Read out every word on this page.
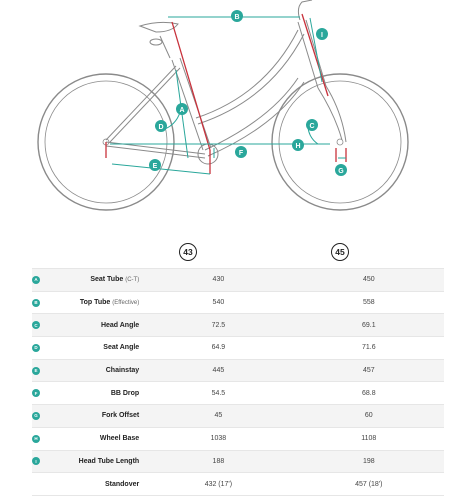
B
I
A
D	C
F
H
E
G
43	45
A	Seat Tube (C-T)	430	450

B	Top Tube (Effective)	540	558

C	Head Angle	72.5	69.1

D	Seat Angle	64.9	71.6

E	Chainstay	445	457

F	BB Drop	54.5	68.8

G	Fork Offset	45	60

H	Wheel Base	1038	1108

I	Head Tube Length	188	198
	Standover	432 (17')	457 (18')
